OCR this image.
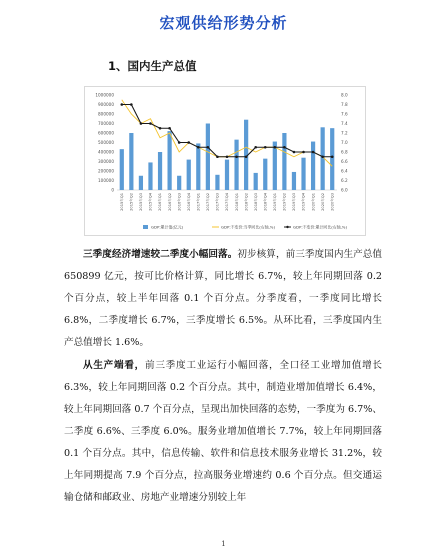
宏观供给形势分析
1、国内生产总值
0
100000
200000
300000
400000
500000
600000
700000
800000
900000
1000000
6.0
6.2
6.4
6.6
6.8
7.0
7.2
7.4
7.6
7.8
8.0
2015年Q1 2015年Q2 2015年Q3 2015年Q4 2016年Q1 2016年Q2 2016年Q3 2016年Q4 2017年Q1 2017年Q2 2017年Q3 2017年Q4 2018年Q1 2018年Q2 2018年Q3 2018年Q4 2019年Q1 2019年Q2 2019年Q3 2019年Q4 2020年Q1 2020年Q2 2020年Q3
GDP:累计值(亿元)	GDP:不变价:当季同比(右轴,%)	GDP:不变价:累计同比(右轴,%)
三季度经济增速较二季度小幅回落。初步核算，前三季度国内生产总值 650899 亿元，按可比价格计算，同比增长 6.7%，较上年同期回落 0.2 个百分点，较上半年回落 0.1 个百分点。分季度看，一季度同比增长 6.8%，二季度增长 6.7%，三季度增长 6.5%。从环比看，三季度国内生产总值增长 1.6%。
从生产端看，前三季度工业运行小幅回落，全口径工业增加值增长 6.3%，较上年同期回落 0.2 个百分点。其中，制造业增加值增长 6.4%，较上年同期回落 0.7 个百分点，呈现出加快回落的态势，一季度为 6.7%、二季度 6.6%、三季度 6.0%。服务业增加值增长 7.7%，较上年同期回落 0.1 个百分点。其中，信息传输、软件和信息技术服务业增长 31.2%，较上年同期提高 7.9 个百分点，拉高服务业增速约 0.6 个百分点。但交通运输仓储和邮政业、房地产业增速分别较上年
1
